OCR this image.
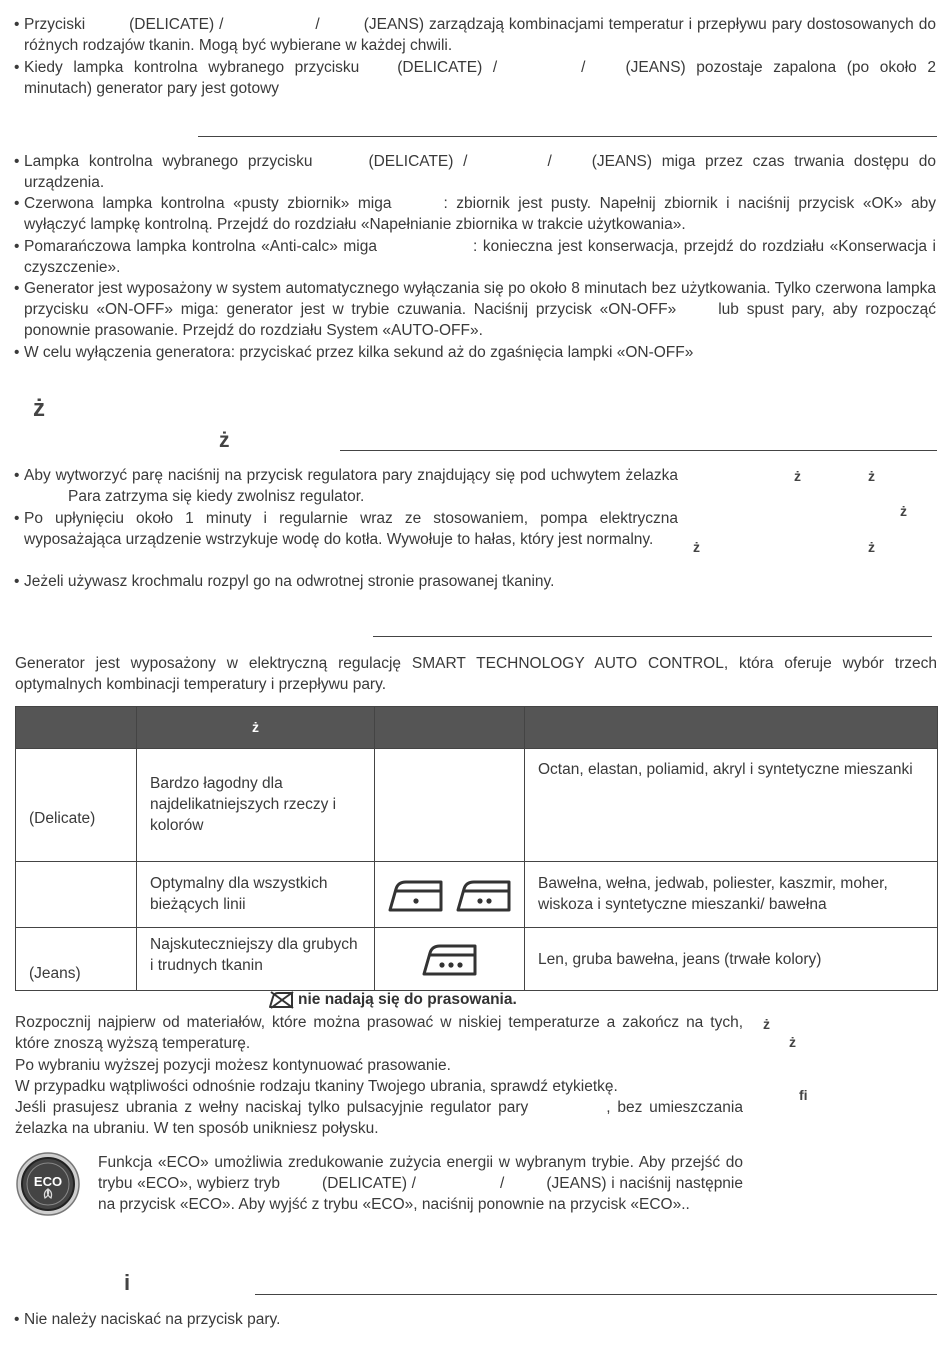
• Przyciski	(DELICATE) /	/	(JEANS) zarządzają kombinacjami temperatur i przepływu pary dostosowanych do różnych rodzajów tkanin. Mogą być wybierane w każdej chwili.
• Kiedy lampka kontrolna wybranego przycisku (DELICATE) /	/	(JEANS) pozostaje zapalona (po około 2 minutach) generator pary jest gotowy
• Lampka kontrolna wybranego przycisku	(DELICATE) /	/	(JEANS) miga przez czas trwania dostępu do urządzenia.
• Czerwona lampka kontrolna «pusty zbiornik» miga	: zbiornik jest pusty. Napełnij zbiornik i naciśnij przycisk «OK» aby wyłączyć lampkę kontrolną. Przejdź do rozdziału «Napełnianie zbiornika w trakcie użytkowania».
• Pomarańczowa lampka kontrolna «Anti-calc» miga	: konieczna jest konserwacja, przejdź do rozdziału «Konserwacja i czyszczenie».
• Generator jest wyposażony w system automatycznego wyłączania się po około 8 minutach bez użytkowania. Tylko czerwona lampka przycisku «ON-OFF» miga: generator jest w trybie czuwania. Naciśnij przycisk «ON-OFF»	lub spust pary, aby rozpocząć ponownie prasowanie. Przejdź do rozdziału System «AUTO-OFF».
• W celu wyłączenia generatora: przyciskać przez kilka sekund aż do zgaśnięcia lampki «ON-OFF»
ż
ż
• Aby wytworzyć parę naciśnij na przycisk regulatora pary znajdujący się pod uchwytem żelazkaPara zatrzyma się kiedy zwolnisz regulator.
• Po upłynięciu około 1 minuty i regularnie wraz ze stosowaniem, pompa elektryczna wyposażająca urządzenie wstrzykuje wodę do kotła. Wywołuje to hałas, który jest normalny.
• Jeżeli używasz krochmalu rozpyl go na odwrotnej stronie prasowanej tkaniny.
ż	ż
ż
ż	ż
Generator jest wyposażony w elektryczną regulację SMART TECHNOLOGY AUTO CONTROL, która oferuje wybór trzech optymalnych kombinacji temperatury i przepływu pary.
	ż		

(Delicate)	Bardzo łagodny dla najdelikatniejszych rzeczy i kolorów		Octan, elastan, poliamid, akryl i syntetyczne mieszanki

	Optymalny dla wszystkich bieżących linii		Bawełna, wełna, jedwab, poliester, kaszmir, moher, wiskoza i syntetyczne mieszanki/ bawełna

(Jeans)	Najskuteczniejszy dla grubych i trudnych tkanin		Len, gruba bawełna, jeans (trwałe kolory)
nie nadają się do prasowania.
Rozpocznij najpierw od materiałów, które można prasować w niskiej temperaturze a zakończ na tych, które znoszą wyższą temperaturę.
Po wybraniu wyższej pozycji możesz kontynuować prasowanie.
W przypadku wątpliwości odnośnie rodzaju tkaniny Twojego ubrania, sprawdź etykietkę.
Jeśli prasujesz ubrania z wełny naciskaj tylko pulsacyjnie regulator pary	, bez umieszczania żelazka na ubraniu. W ten sposób unikniesz połysku.
ż
ż
ﬁ
ECO
Funkcja «ECO» umożliwia zredukowanie zużycia energii w wybranym trybie. Aby przejść do trybu «ECO», wybierz tryb	(DELICATE) /	/	(JEANS) i naciśnij następnie na przycisk «ECO». Aby wyjść z trybu «ECO», naciśnij ponownie na przycisk «ECO»..
i
• Nie należy naciskać na przycisk pary.
